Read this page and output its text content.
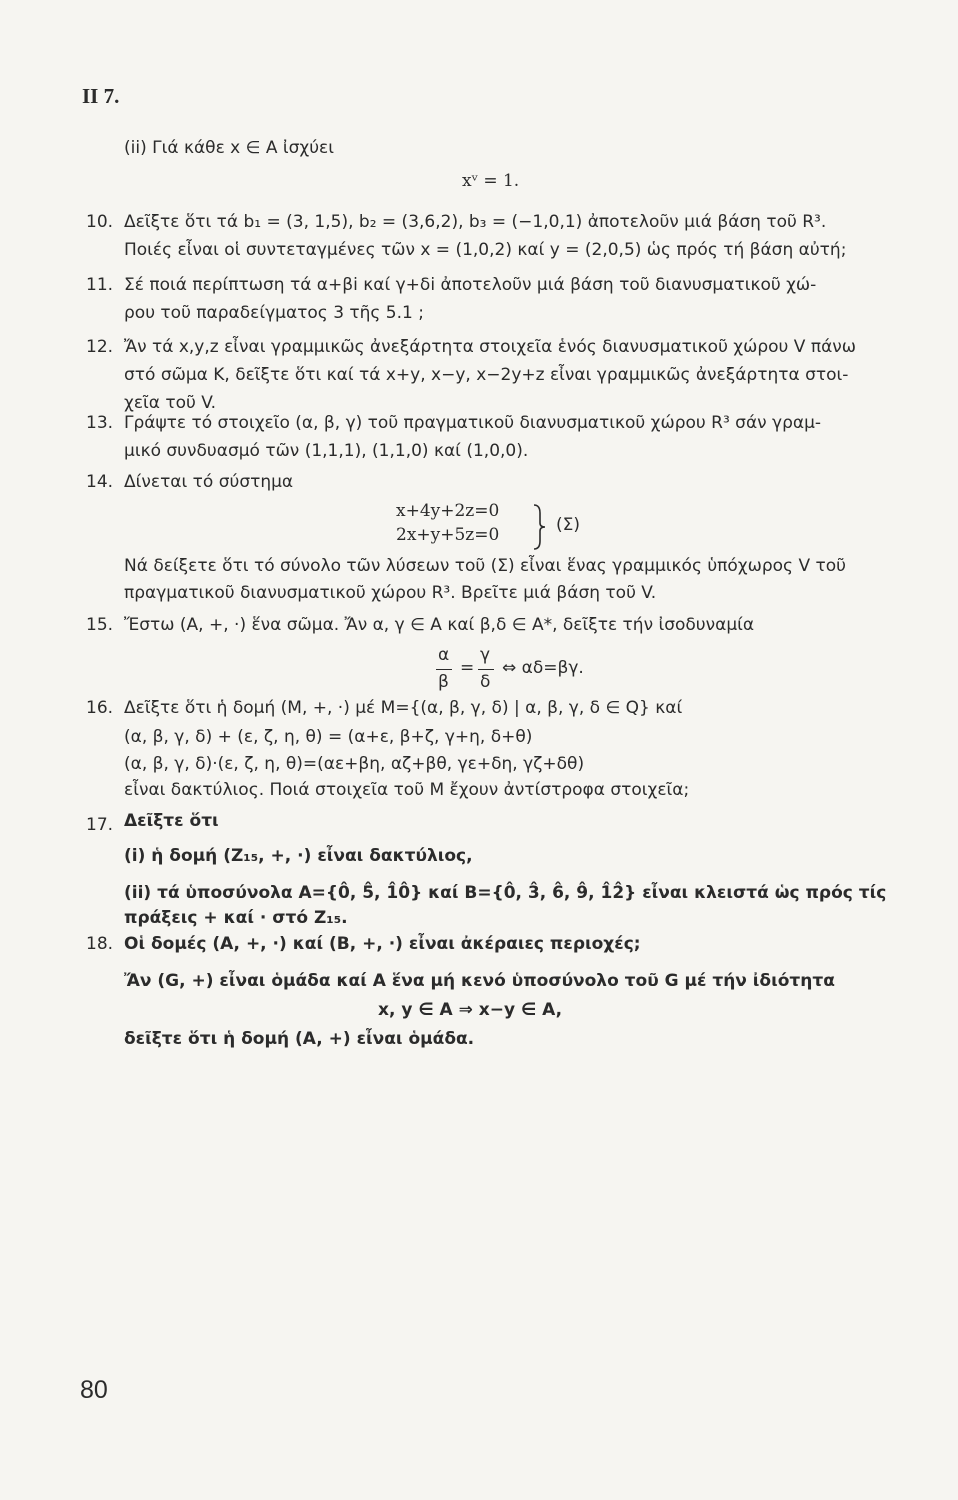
ΙΙ 7.
(ii) Γιά κάθε x ∈ A ἰσχύει
xᵛ = 1.
10. Δεῖξτε ὅτι τά b₁ = (3, 1,5), b₂ = (3,6,2), b₃ = (−1,0,1) ἀποτελοῦν μιά βάση τοῦ R³.
Ποιές εἶναι οἱ συντεταγμένες τῶν x = (1,0,2) καί y = (2,0,5) ὡς πρός τή βάση αὐτή;
11. Σέ ποιά περίπτωση τά α+βi καί γ+δi ἀποτελοῦν μιά βάση τοῦ διανυσματικοῦ χώ-
ρου τοῦ παραδείγματος 3 τῆς 5.1 ;
12. Ἄν τά x,y,z εἶναι γραμμικῶς ἀνεξάρτητα στοιχεῖα ἑνός διανυσματικοῦ χώρου V πάνω
στό σῶμα K, δεῖξτε ὅτι καί τά x+y, x−y, x−2y+z εἶναι γραμμικῶς ἀνεξάρτητα στοι-
χεῖα τοῦ V.
13. Γράψτε τό στοιχεῖο (α, β, γ) τοῦ πραγματικοῦ διανυσματικοῦ χώρου R³ σάν γραμ-
μικό συνδυασμό τῶν (1,1,1), (1,1,0) καί (1,0,0).
14. Δίνεται τό σύστημα
x+4y+2z=0
2x+y+5z=0	(Σ)
Νά δείξετε ὅτι τό σύνολο τῶν λύσεων τοῦ (Σ) εἶναι ἕνας γραμμικός ὑπόχωρος V τοῦ
πραγματικοῦ διανυσματικοῦ χώρου R³. Βρεῖτε μιά βάση τοῦ V.
15. Ἔστω (A, +, ·) ἕνα σῶμα. Ἄν α, γ ∈ A καί β,δ ∈ A*, δεῖξτε τήν ἰσοδυναμία
α
β
=
γ
δ
⇔ αδ=βγ.
16. Δεῖξτε ὅτι ἡ δομή (M, +, ·) μέ M={(α, β, γ, δ) | α, β, γ, δ ∈ Q} καί
(α, β, γ, δ) + (ε, ζ, η, θ) = (α+ε, β+ζ, γ+η, δ+θ)
(α, β, γ, δ)·(ε, ζ, η, θ)=(αε+βη, αζ+βθ, γε+δη, γζ+δθ)
εἶναι δακτύλιος. Ποιά στοιχεῖα τοῦ M ἔχουν ἀντίστροφα στοιχεῖα;
17. Δεῖξτε ὅτι
(i) ἡ δομή (Z₁₅, +, ·) εἶναι δακτύλιος,
(ii) τά ὑποσύνολα A={0̂, 5̂, 1̂0̂} καί B={0̂, 3̂, 6̂, 9̂, 1̂2̂} εἶναι κλειστά ὡς πρός τίς
πράξεις + καί · στό Z₁₅.
18. Οἱ δομές (A, +, ·) καί (B, +, ·) εἶναι ἀκέραιες περιοχές;
Ἄν (G, +) εἶναι ὁμάδα καί A ἕνα μή κενό ὑποσύνολο τοῦ G μέ τήν ἰδιότητα
x, y ∈ A ⇒ x−y ∈ A,
δεῖξτε ὅτι ἡ δομή (A, +) εἶναι ὁμάδα.
80
